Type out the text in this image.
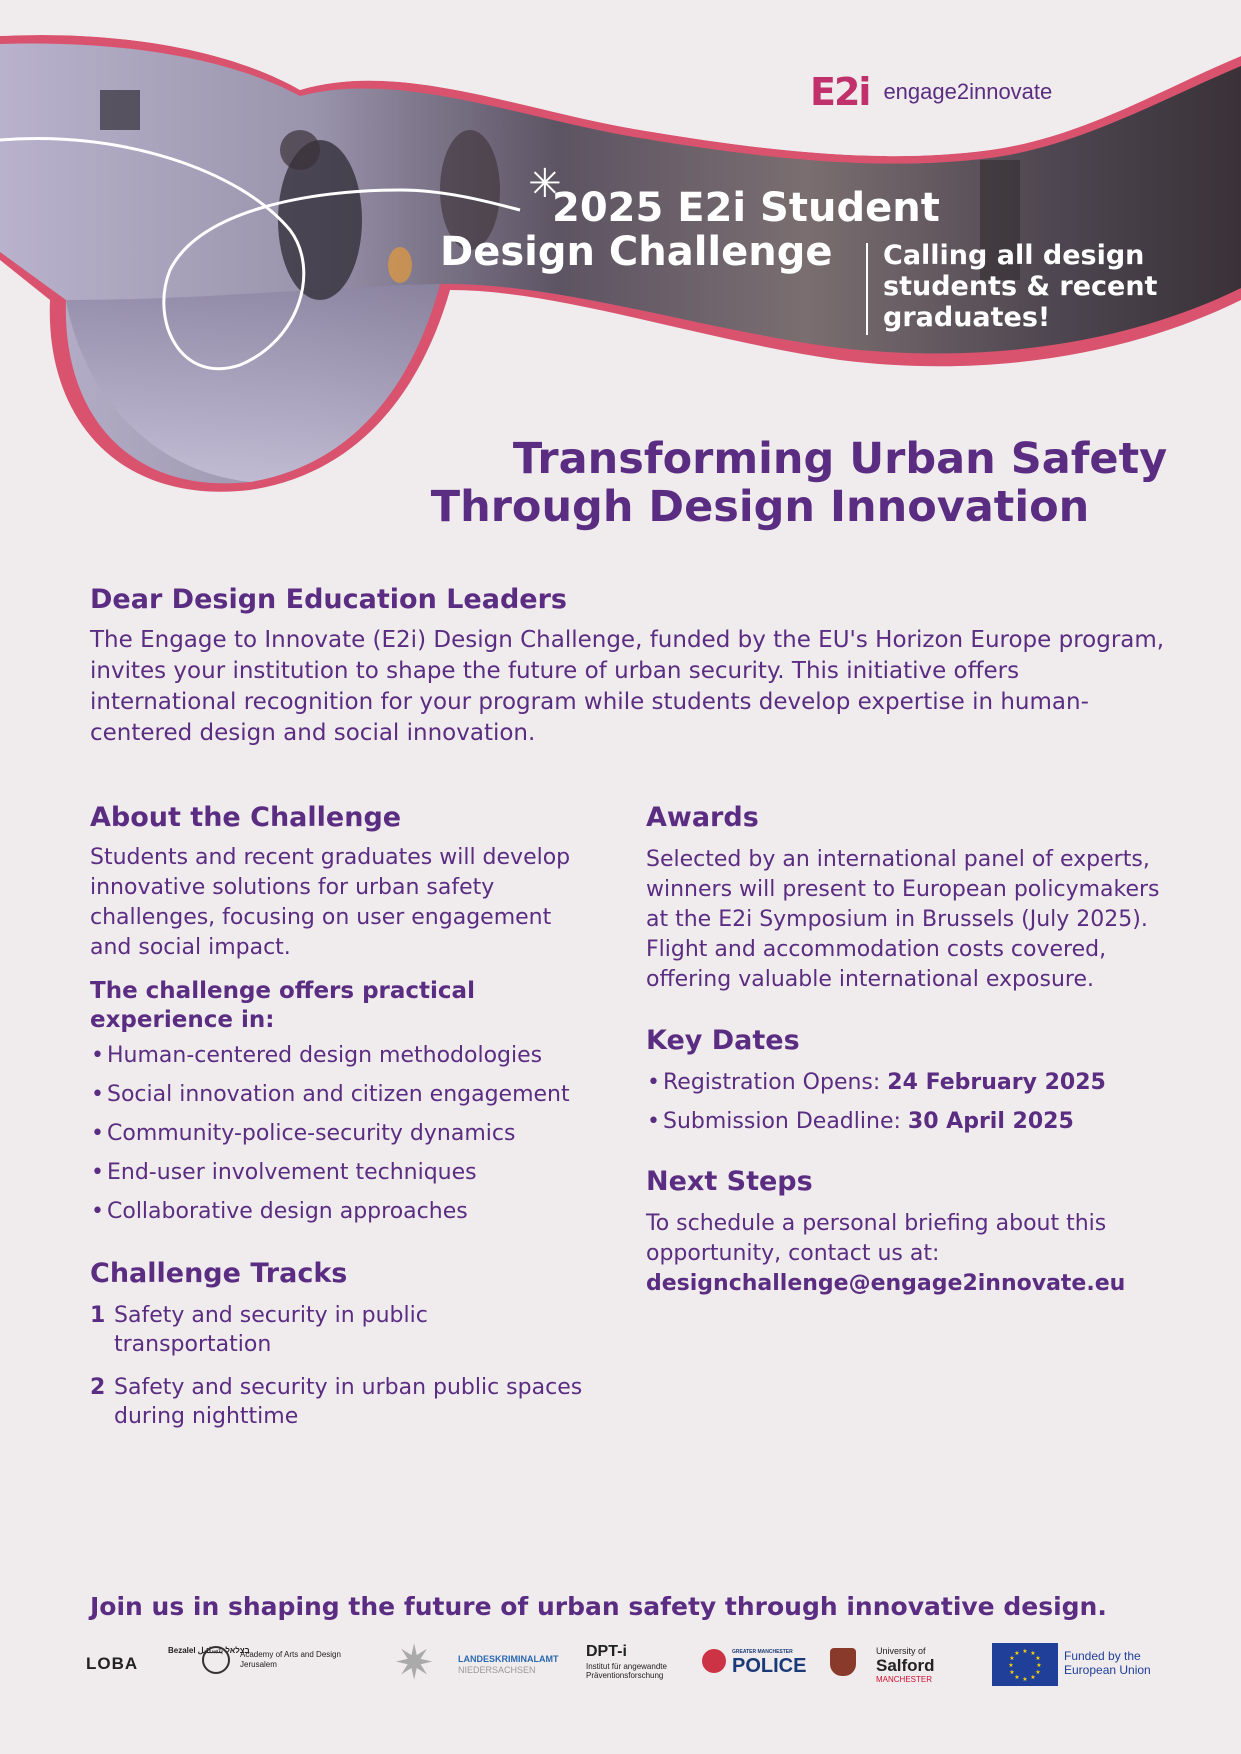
E2i engage2innovate
✳
2025 E2i Student
Design Challenge	Calling all design students & recent graduates!
Transforming Urban Safety
Through Design Innovation
Dear Design Education Leaders

The Engage to Innovate (E2i) Design Challenge, funded by the EU's Horizon Europe program, invites your institution to shape the future of urban security. This initiative offers international recognition for your program while students develop expertise in human-centered design and social innovation.

About the Challenge

Students and recent graduates will develop innovative solutions for urban safety challenges, focusing on user engagement and social impact.

The challenge offers practical experience in:
• Human-centered design methodologies
• Social innovation and citizen engagement
• Community-police-security dynamics
• End-user involvement techniques
• Collaborative design approaches
Challenge Tracks
1 Safety and security in public transportation
2 Safety and security in urban public spaces during nighttime
Awards

Selected by an international panel of experts, winners will present to European policymakers at the E2i Symposium in Brussels (July 2025). Flight and accommodation costs covered, offering valuable international exposure.

Key Dates
• Registration Opens: 24 February 2025
• Submission Deadline: 30 April 2025
Next Steps

To schedule a personal briefing about this opportunity, contact us at:

designchallenge@engage2innovate.eu
Join us in shaping the future of urban safety through innovative design.
LOBA
Bezalel בצלאל بتسلئيل
Academy of Arts and Design Jerusalem	✷	LANDESKRIMINALAMT
NIEDERSACHSEN
DPT-i
Institut für angewandte Präventionsforschung
GREATER MANCHESTER
POLICE
University of
Salford
MANCHESTER
★ ★
★
★
★
★
★
★
★
★
★
★	Funded by the European Union
